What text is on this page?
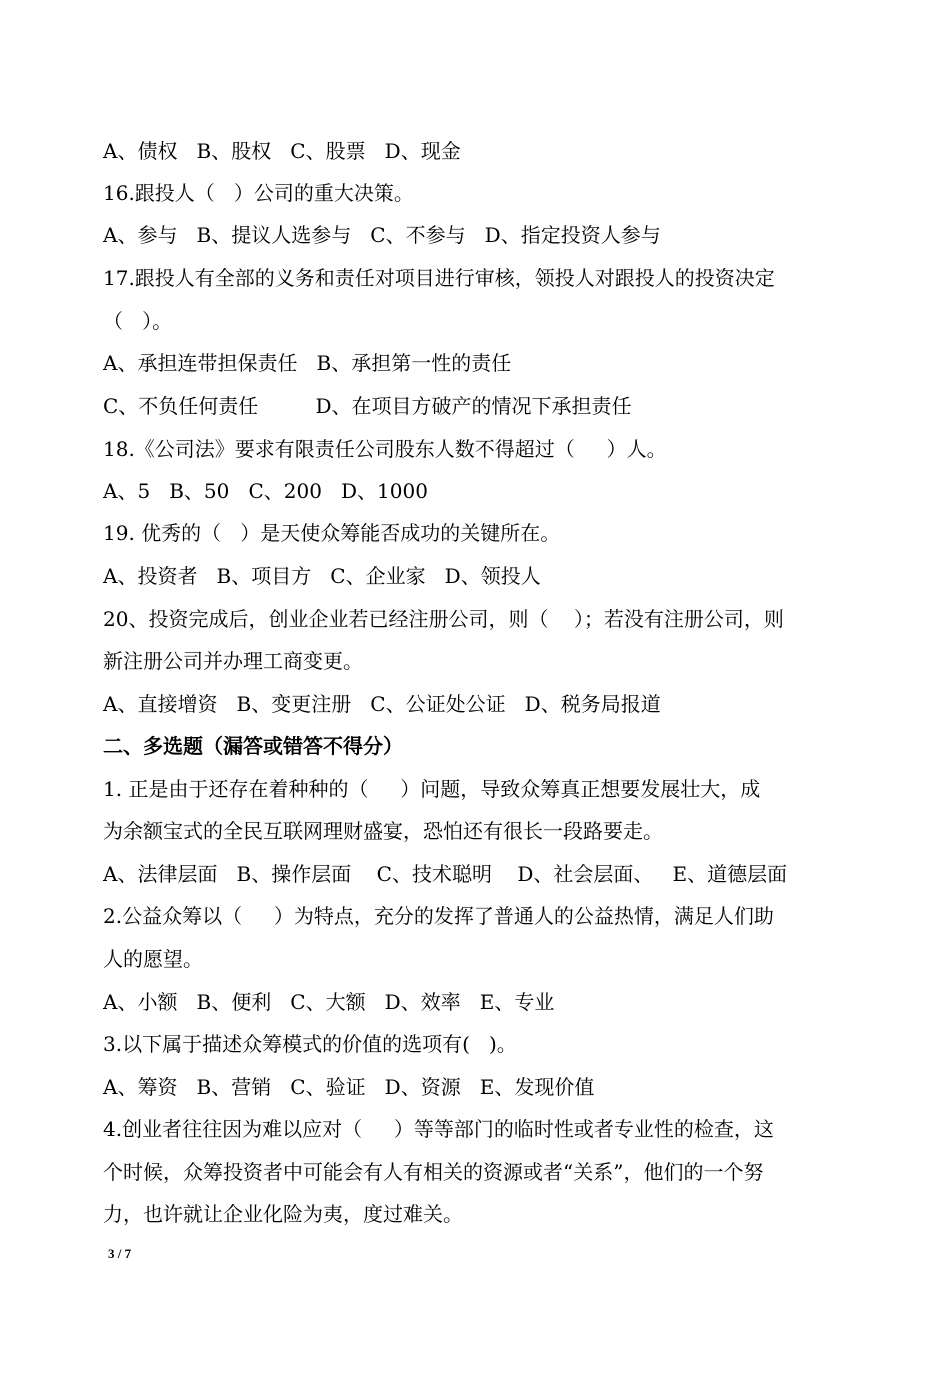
A、债权   B、股权   C、股票   D、现金
16.跟投人（   ）公司的重大决策。
A、参与   B、提议人选参与   C、不参与   D、指定投资人参与
17.跟投人有全部的义务和责任对项目进行审核，领投人对跟投人的投资决定
（   ）。
A、承担连带担保责任   B、承担第一性的责任
C、不负任何责任         D、在项目方破产的情况下承担责任
18.《公司法》要求有限责任公司股东人数不得超过（     ）人。
A、5   B、50   C、200   D、1000
19. 优秀的（   ）是天使众筹能否成功的关键所在。
A、投资者   B、项目方   C、企业家   D、领投人
20、投资完成后，创业企业若已经注册公司，则（    ）；若没有注册公司，则
新注册公司并办理工商变更。
A、直接增资   B、变更注册   C、公证处公证   D、税务局报道
二、多选题（漏答或错答不得分）
1. 正是由于还存在着种种的（     ）问题，导致众筹真正想要发展壮大，成
为余额宝式的全民互联网理财盛宴，恐怕还有很长一段路要走。
A、法律层面   B、操作层面    C、技术聪明    D、社会层面、   E、道德层面
2.公益众筹以（     ）为特点，充分的发挥了普通人的公益热情，满足人们助
人的愿望。
A、小额   B、便利   C、大额   D、效率   E、专业
3.以下属于描述众筹模式的价值的选项有(   )。
A、筹资   B、营销   C、验证   D、资源   E、发现价值
4.创业者往往因为难以应对（     ）等等部门的临时性或者专业性的检查，这
个时候，众筹投资者中可能会有人有相关的资源或者“关系”，他们的一个努
力，也许就让企业化险为夷，度过难关。
3 / 7
